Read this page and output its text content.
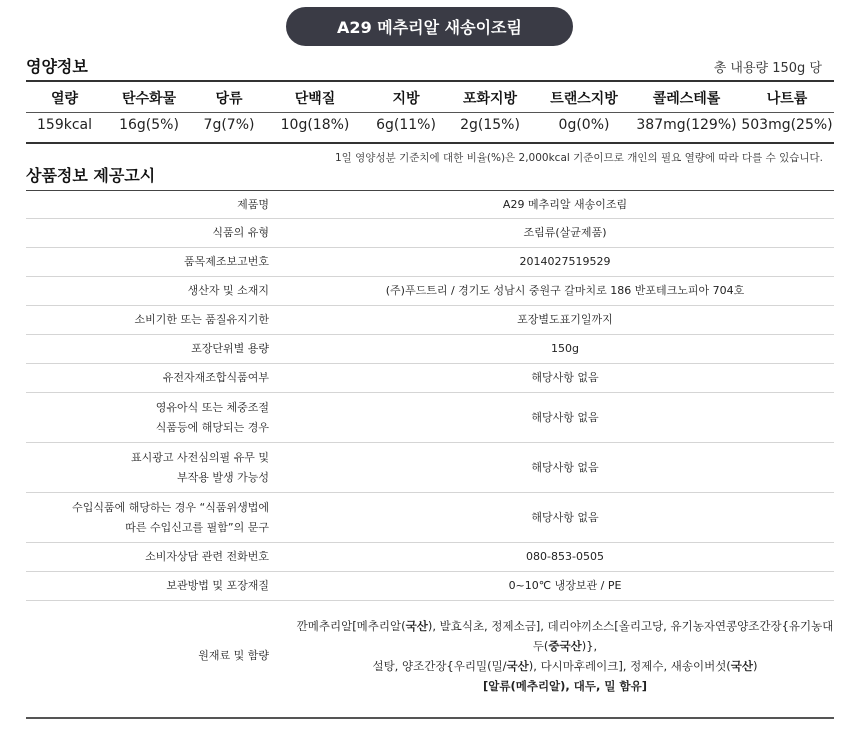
A29 메추리알 새송이조림
영양정보	총 내용량 150g 당
열량	탄수화물	당류	단백질	지방	포화지방	트랜스지방	콜레스테롤	나트륨
159kcal	16g(5%)	7g(7%)	10g(18%)	6g(11%)	2g(15%)	0g(0%)	387mg(129%) 503mg(25%)
1일 영양성분 기준치에 대한 비율(%)은 2,000kcal 기준이므로 개인의 필요 열량에 따라 다를 수 있습니다.
상품정보 제공고시
제품명	A29 메추리알 새송이조림
식품의 유형	조림류(살균제품)
품목제조보고번호	2014027519529
생산자 및 소재지	(주)푸드트리 / 경기도 성남시 중원구 갈마치로 186 반포테크노피아 704호
소비기한 또는 품질유지기한	포장별도표기일까지
포장단위별 용량	150g
유전자재조합식품여부	해당사항 없음

영유아식 또는 체중조절
식품등에 해당되는 경우	해당사항 없음

표시광고 사전심의필 유무 및
부작용 발생 가능성	해당사항 없음

수입식품에 해당하는 경우 “식품위생법에
따른 수입신고를 필함”의 문구	해당사항 없음
소비자상담 관련 전화번호	080-853-0505
보관방법 및 포장재질	0~10℃ 냉장보관 / PE
원재료 및 함량	깐메추리알[메추리알(국산), 발효식초, 정제소금], 데리야끼소스[올리고당, 유기농자연콩양조간장{유기농대두(중국산)},
설탕, 양조간장{우리밀(밀/국산), 다시마후레이크], 정제수, 새송이버섯(국산)
[알류(메추리알), 대두, 밀 함유]
